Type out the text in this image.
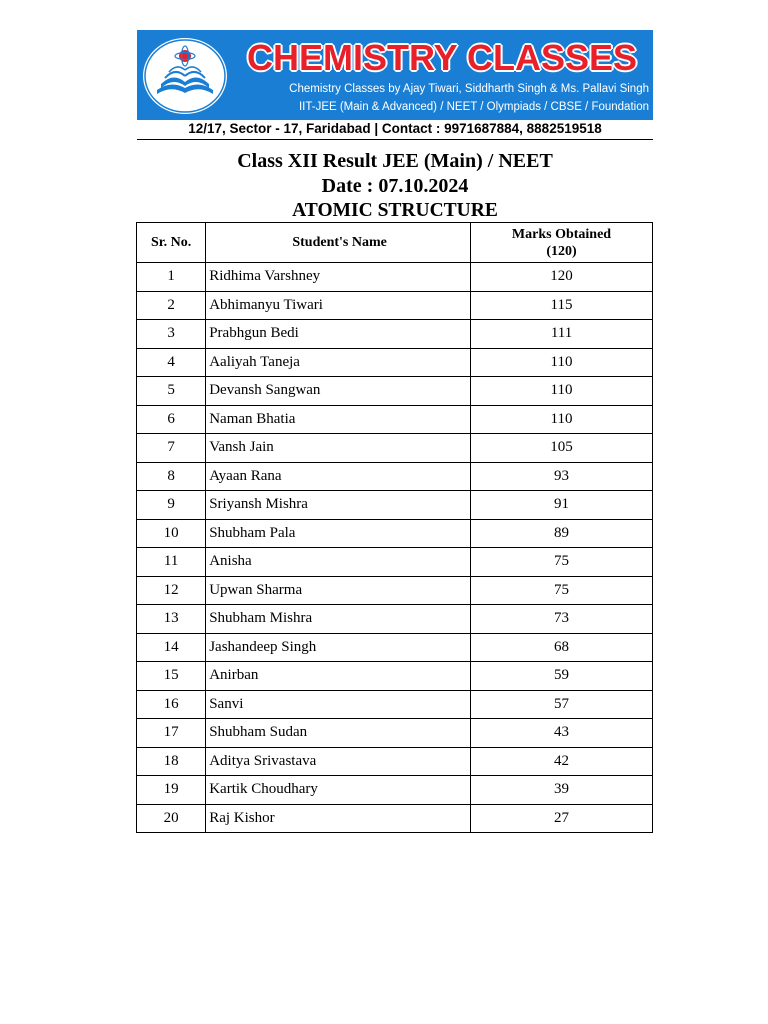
CHEMISTRY CLASSES
Chemistry Classes by Ajay Tiwari, Siddharth Singh & Ms. Pallavi Singh
IIT-JEE (Main & Advanced) / NEET / Olympiads / CBSE / Foundation
12/17, Sector - 17, Faridabad | Contact : 9971687884, 8882519518
Class XII Result JEE (Main) / NEET
Date : 07.10.2024
ATOMIC STRUCTURE
Sr. No.	Student's Name	Marks Obtained
(120)
1	Ridhima Varshney	120
2	Abhimanyu Tiwari	115
3	Prabhgun Bedi	111
4	Aaliyah Taneja	110
5	Devansh Sangwan	110
6	Naman Bhatia	110
7	Vansh Jain	105
8	Ayaan Rana	93
9	Sriyansh Mishra	91
10	Shubham Pala	89
11	Anisha	75
12	Upwan Sharma	75
13	Shubham Mishra	73
14	Jashandeep Singh	68
15	Anirban	59
16	Sanvi	57
17	Shubham Sudan	43
18	Aditya Srivastava	42
19	Kartik Choudhary	39
20	Raj Kishor	27
